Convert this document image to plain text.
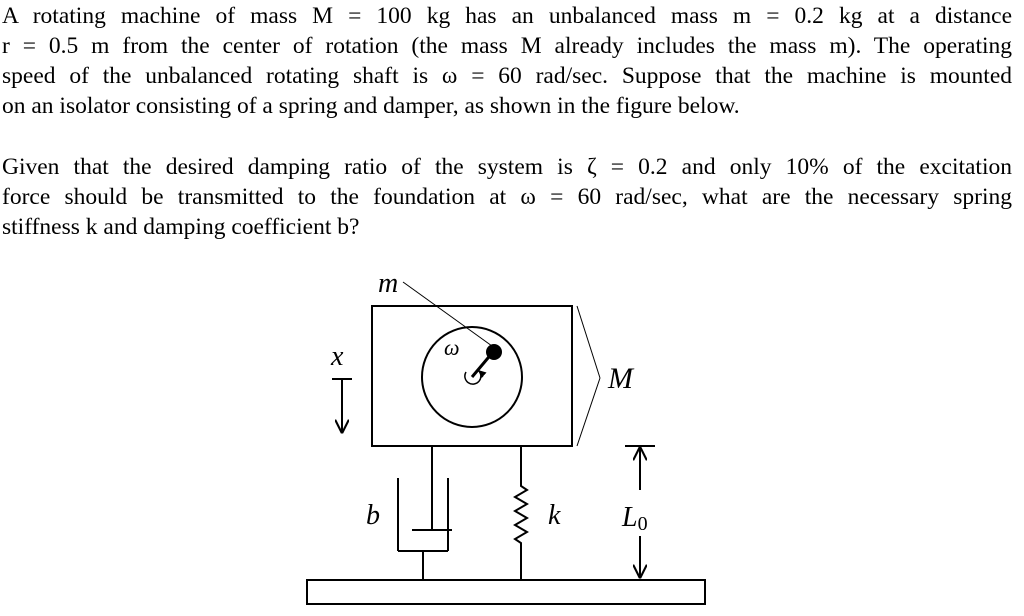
A rotating machine of mass M = 100 kg has an unbalanced mass m = 0.2 kg at a distance
r = 0.5 m from the center of rotation (the mass M already includes the mass m). The operating
speed of the unbalanced rotating shaft is ω = 60 rad/sec. Suppose that the machine is mounted
on an isolator consisting of a spring and damper, as shown in the figure below.
Given that the desired damping ratio of the system is ζ = 0.2 and only 10% of the excitation
force should be transmitted to the foundation at ω = 60 rad/sec, what are the necessary spring
stiffness k and damping coefficient b?
ω
m
M
x
b	k L0
